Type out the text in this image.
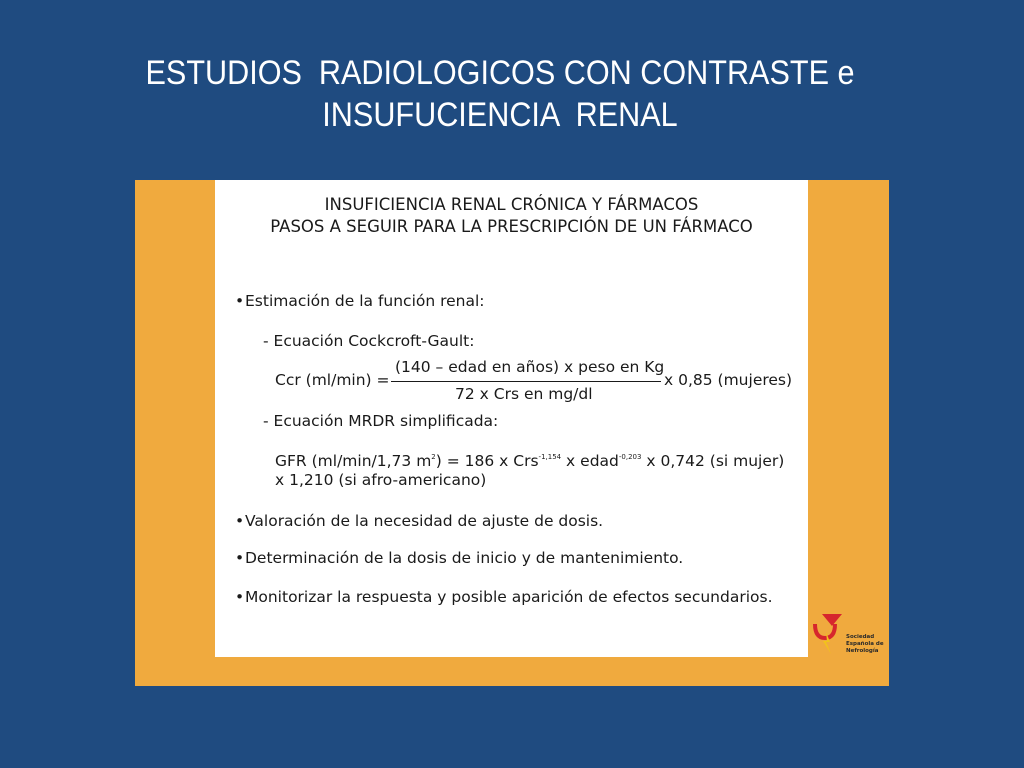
ESTUDIOS  RADIOLOGICOS CON CONTRASTE e
INSUFUCIENCIA  RENAL
INSUFICIENCIA RENAL CRÓNICA Y FÁRMACOS
PASOS A SEGUIR PARA LA PRESCRIPCIÓN DE UN FÁRMACO
•Estimación de la función renal:
- Ecuación Cockcroft-Gault:
Ccr (ml/min) =
(140 – edad en años) x peso en Kg
72 x Crs en mg/dl
x 0,85 (mujeres)
- Ecuación MRDR simplificada:
GFR (ml/min/1,73 $m^2) = 186$ x Crs$^{-1,154}$ x edad$^{-0,203}$ x 0,742 (si mujer)
x 1,210 (si afro-americano)
•Valoración de la necesidad de ajuste de dosis.
•Determinación de la dosis de inicio y de mantenimiento.
•Monitorizar la respuesta y posible aparición de efectos secundarios.
Sociedad
Española de
Nefrología
